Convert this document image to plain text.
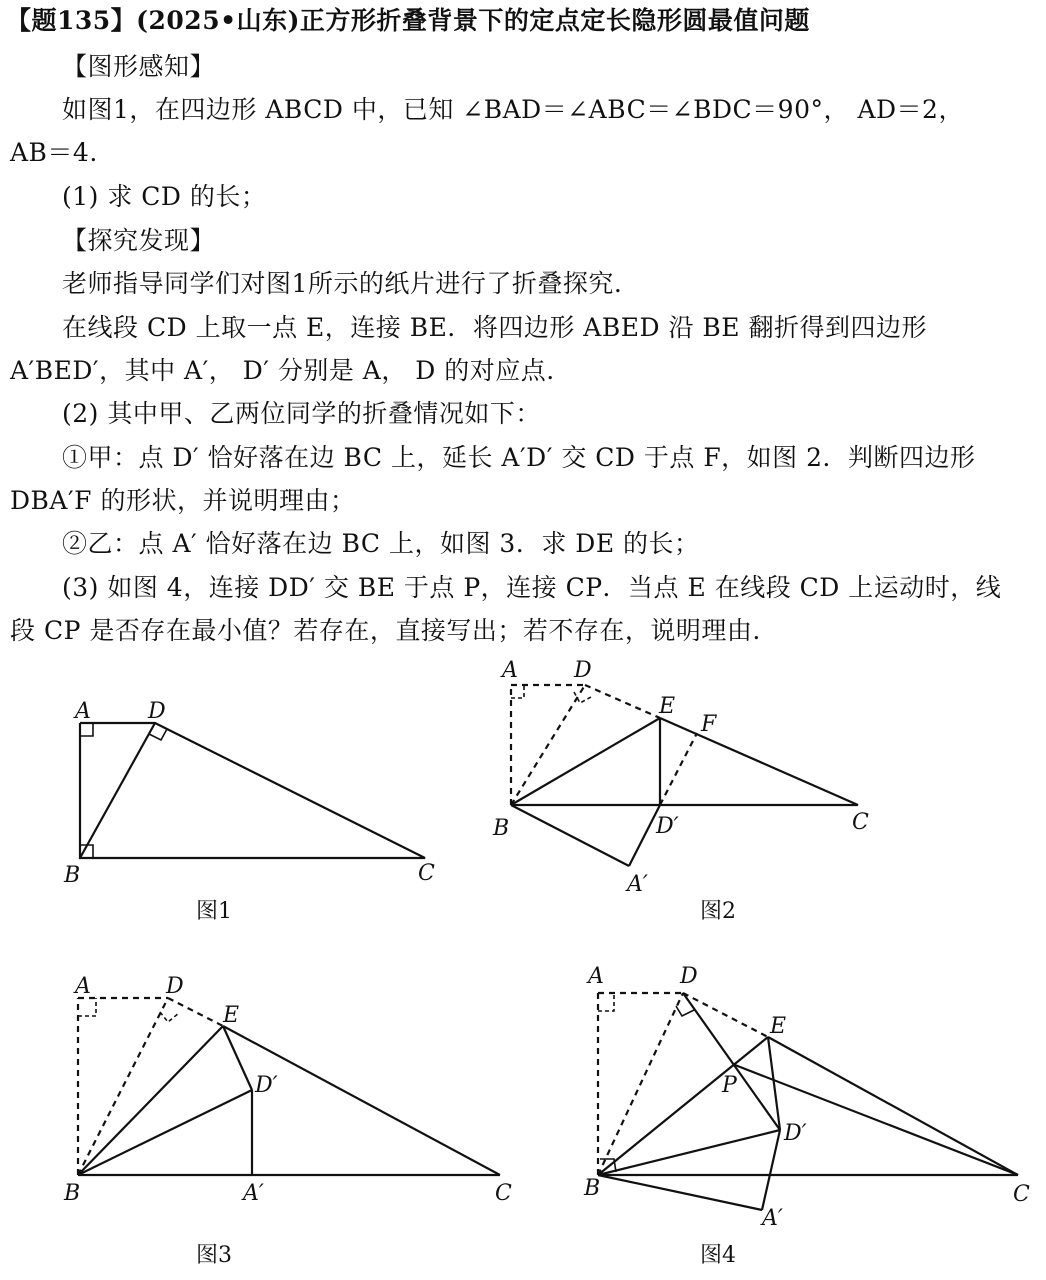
【题135】(2025•山东)正方形折叠背景下的定点定长隐形圆最值问题
【图形感知】
如图1，在四边形 ABCD 中，已知 ∠BAD＝∠ABC＝∠BDC＝90°， AD＝2，
AB＝4.
(1) 求 CD 的长；
【探究发现】
老师指导同学们对图1所示的纸片进行了折叠探究.
在线段 CD 上取一点 E，连接 BE．将四边形 ABED 沿 BE 翻折得到四边形
A′BED′，其中 A′， D′ 分别是 A， D 的对应点.
(2) 其中甲、乙两位同学的折叠情况如下：
①甲：点 D′ 恰好落在边 BC 上，延长 A′D′ 交 CD 于点 F，如图 2．判断四边形
DBA′F 的形状，并说明理由；
②乙：点 A′ 恰好落在边 BC 上，如图 3．求 DE 的长；
(3) 如图 4，连接 DD′ 交 BE 于点 P，连接 CP．当点 E 在线段 CD 上运动时，线
段 CP 是否存在最小值？若存在，直接写出；若不存在，说明理由.
A	D
B	C
图1
A	D
E
F
B	D′	C
A′
图2
A	D
E
D′
B	A′	C
图3
A	D
E
P
D′
B
A′
C
图4
